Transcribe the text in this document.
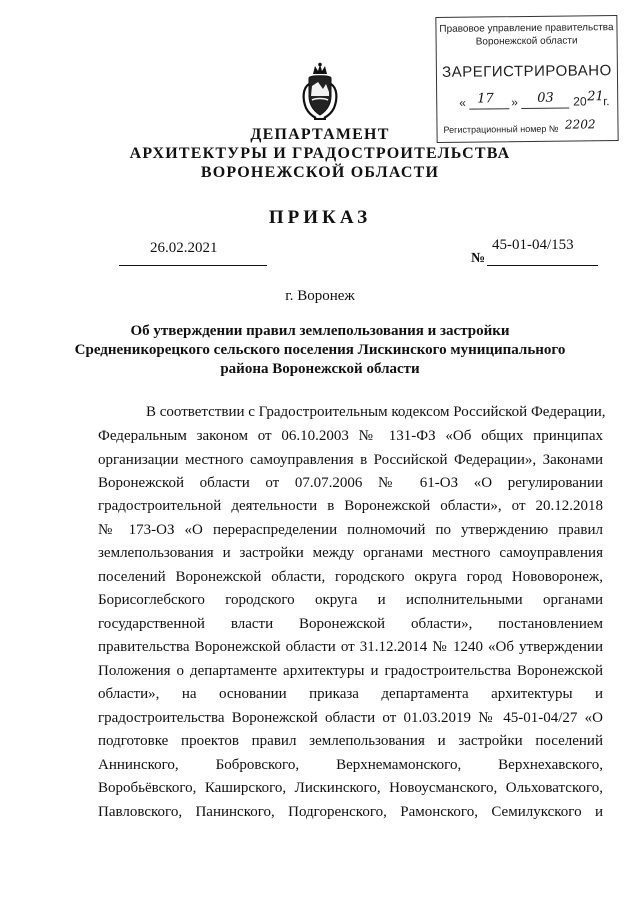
Правовое управление правительства
Воронежской области
ЗАРЕГИСТРИРОВАНО
« 17 » 03 20 21 г.
Регистрационный номер № 2202
ДЕПАРТАМЕНТ
АРХИТЕКТУРЫ И ГРАДОСТРОИТЕЛЬСТВА
ВОРОНЕЖСКОЙ ОБЛАСТИ
ПРИКАЗ
26.02.2021
№
45-01-04/153
г. Воронеж
Об утверждении правил землепользования и застройки
Средненикорецкого сельского поселения Лискинского муниципального
района Воронежской области
В соответствии с Градостроительным кодексом Российской Федерации,
Федеральным законом от 06.10.2003 № 131-ФЗ «Об общих принципах
организации местного самоуправления в Российской Федерации», Законами
Воронежской области от 07.07.2006 № 61-ОЗ «О регулировании
градостроительной деятельности в Воронежской области», от 20.12.2018
№ 173-ОЗ «О перераспределении полномочий по утверждению правил
землепользования и застройки между органами местного самоуправления
поселений Воронежской области, городского округа город Нововоронеж,
Борисоглебского городского округа и исполнительными органами
государственной власти Воронежской области», постановлением
правительства Воронежской области от 31.12.2014 № 1240 «Об утверждении
Положения о департаменте архитектуры и градостроительства Воронежской
области», на основании приказа департамента архитектуры и
градостроительства Воронежской области от 01.03.2019 № 45-01-04/27 «О
подготовке проектов правил землепользования и застройки поселений
Аннинского, Бобровского, Верхнемамонского, Верхнехавского,
Воробьёвского, Каширского, Лискинского, Новоусманского, Ольховатского,
Павловского, Панинского, Подгоренского, Рамонского, Семилукского и
